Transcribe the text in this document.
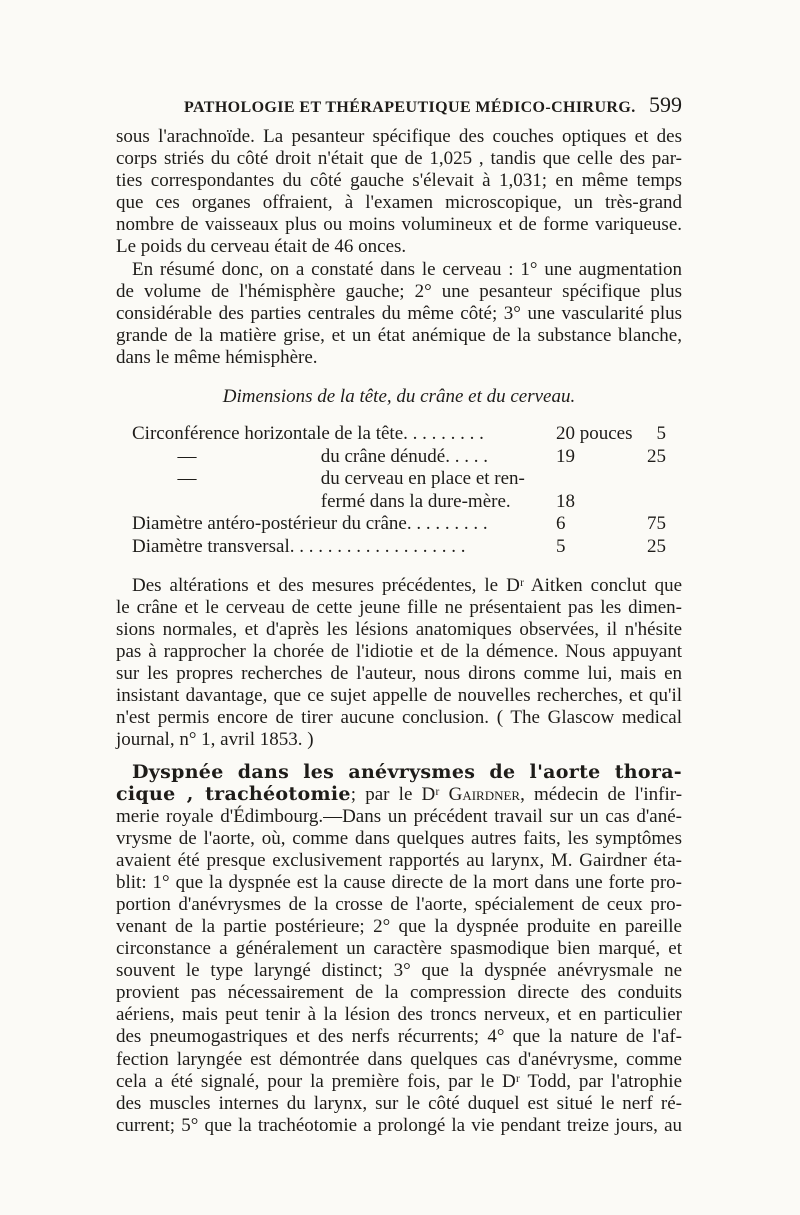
PATHOLOGIE ET THÉRAPEUTIQUE MÉDICO-CHIRURG. 599
sous l'arachnoïde. La pesanteur spécifique des couches optiques et des
corps striés du côté droit n'était que de 1,025 , tandis que celle des par-
ties correspondantes du côté gauche s'élevait à 1,031; en même temps
que ces organes offraient, à l'examen microscopique, un très-grand
nombre de vaisseaux plus ou moins volumineux et de forme variqueuse.
Le poids du cerveau était de 46 onces.
En résumé donc, on a constaté dans le cerveau : 1° une augmentation
de volume de l'hémisphère gauche; 2° une pesanteur spécifique plus
considérable des parties centrales du même côté; 3° une vascularité plus
grande de la matière grise, et un état anémique de la substance blanche,
dans le même hémisphère.
Dimensions de la tête, du crâne et du cerveau.
Circonférence horizontale de la tête. . . . . . . . .	20 pouces	5
—	du crâne dénudé. . . . .	19	25
—	du cerveau en place et ren-
fermé dans la dure-mère.	18
Diamètre antéro-postérieur du crâne. . . . . . . . .	6	75
Diamètre transversal. . . . . . . . . . . . . . . . . . .	5	25
Des altérations et des mesures précédentes, le Dʳ Aitken conclut que
le crâne et le cerveau de cette jeune fille ne présentaient pas les dimen-
sions normales, et d'après les lésions anatomiques observées, il n'hésite
pas à rapprocher la chorée de l'idiotie et de la démence. Nous appuyant
sur les propres recherches de l'auteur, nous dirons comme lui, mais en
insistant davantage, que ce sujet appelle de nouvelles recherches, et qu'il
n'est permis encore de tirer aucune conclusion. ( The Glascow medical
journal, n° 1, avril 1853. )
Dyspnée dans les anévrysmes de l'aorte thora-
cique , trachéotomie; par le Dʳ Gairdner, médecin de l'infir-
merie royale d'Édimbourg.—Dans un précédent travail sur un cas d'ané-
vrysme de l'aorte, où, comme dans quelques autres faits, les symptômes
avaient été presque exclusivement rapportés au larynx, M. Gairdner éta-
blit: 1° que la dyspnée est la cause directe de la mort dans une forte pro-
portion d'anévrysmes de la crosse de l'aorte, spécialement de ceux pro-
venant de la partie postérieure; 2° que la dyspnée produite en pareille
circonstance a généralement un caractère spasmodique bien marqué, et
souvent le type laryngé distinct; 3° que la dyspnée anévrysmale ne
provient pas nécessairement de la compression directe des conduits
aériens, mais peut tenir à la lésion des troncs nerveux, et en particulier
des pneumogastriques et des nerfs récurrents; 4° que la nature de l'af-
fection laryngée est démontrée dans quelques cas d'anévrysme, comme
cela a été signalé, pour la première fois, par le Dʳ Todd, par l'atrophie
des muscles internes du larynx, sur le côté duquel est situé le nerf ré-
current; 5° que la trachéotomie a prolongé la vie pendant treize jours, au
